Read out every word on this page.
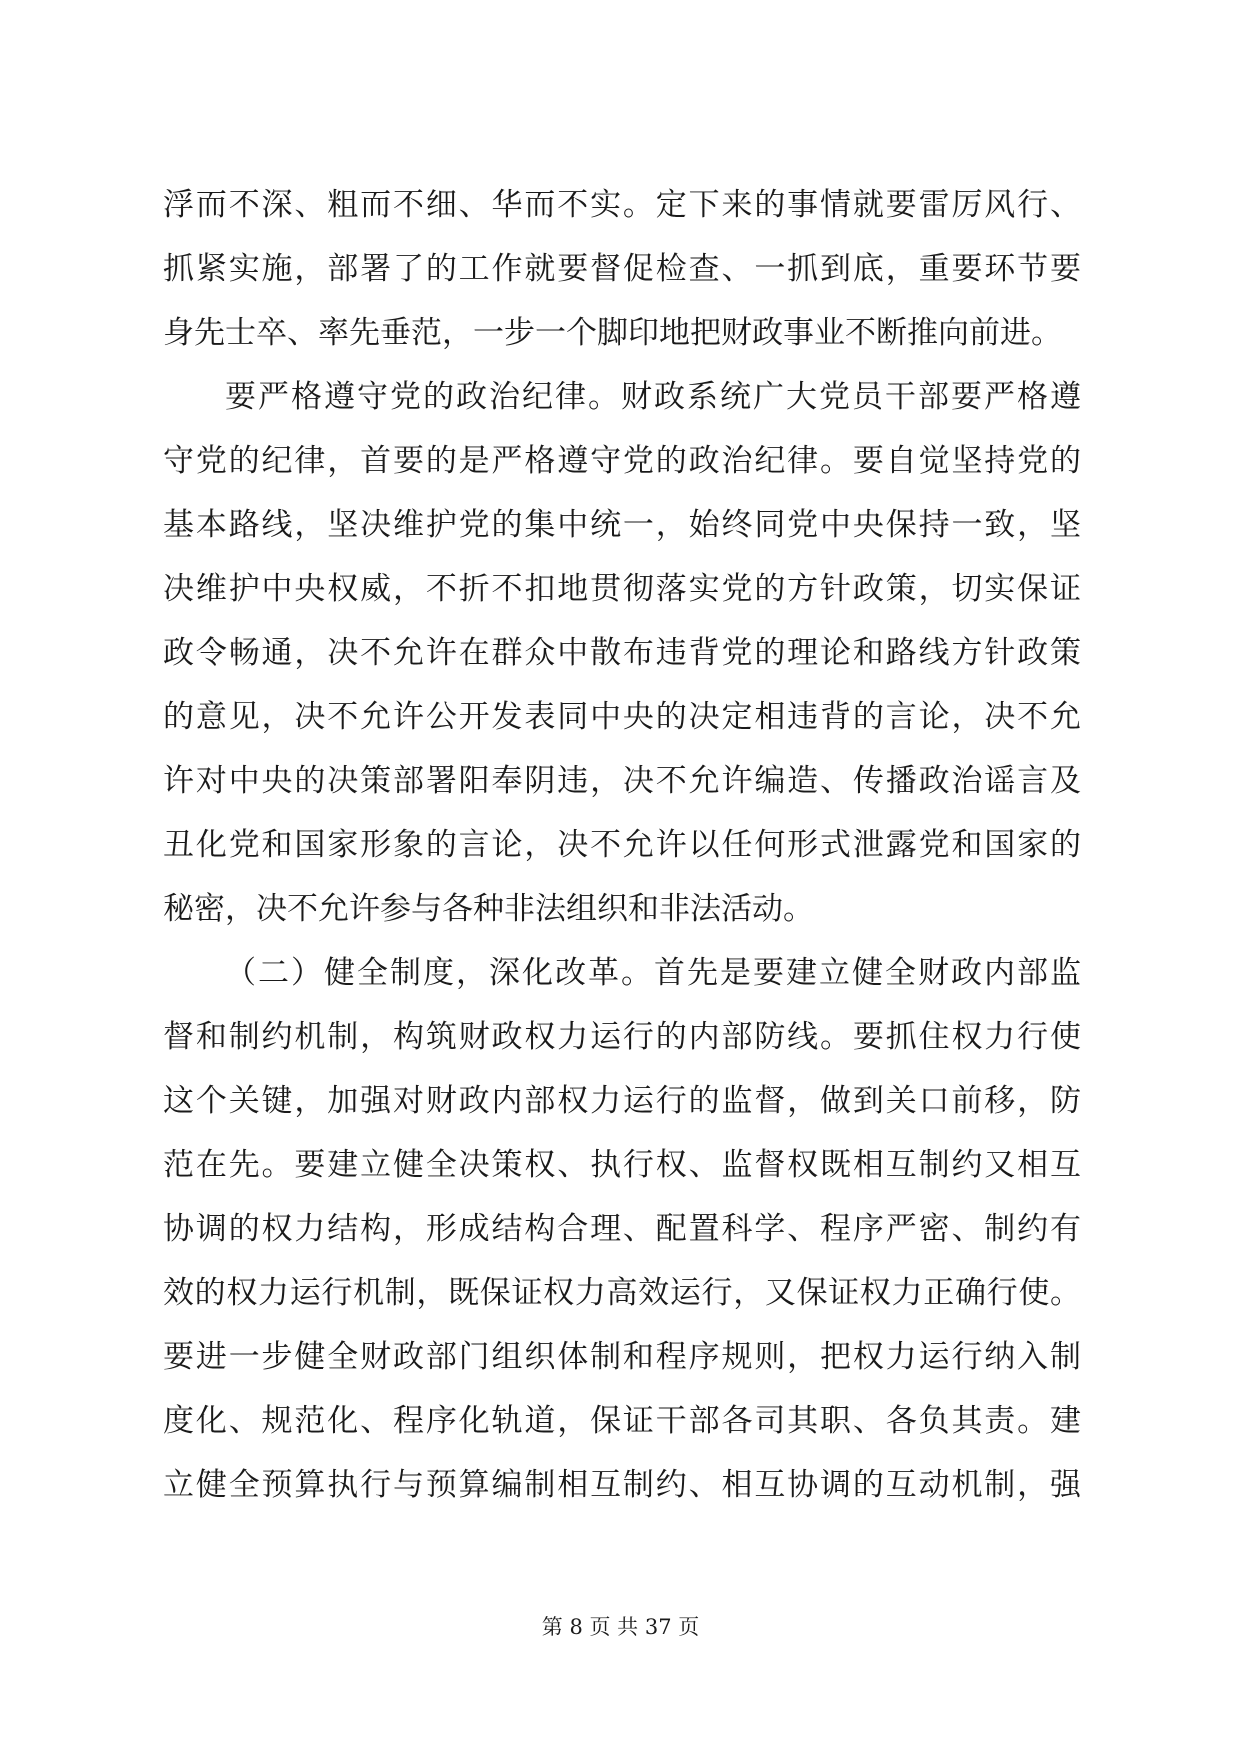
浮而不深、粗而不细、华而不实。定下来的事情就要雷厉风行、
抓紧实施，部署了的工作就要督促检查、一抓到底，重要环节要
身先士卒、率先垂范，一步一个脚印地把财政事业不断推向前进。
要严格遵守党的政治纪律。财政系统广大党员干部要严格遵
守党的纪律，首要的是严格遵守党的政治纪律。要自觉坚持党的
基本路线，坚决维护党的集中统一，始终同党中央保持一致，坚
决维护中央权威，不折不扣地贯彻落实党的方针政策，切实保证
政令畅通，决不允许在群众中散布违背党的理论和路线方针政策
的意见，决不允许公开发表同中央的决定相违背的言论，决不允
许对中央的决策部署阳奉阴违，决不允许编造、传播政治谣言及
丑化党和国家形象的言论，决不允许以任何形式泄露党和国家的
秘密，决不允许参与各种非法组织和非法活动。
（二）健全制度，深化改革。首先是要建立健全财政内部监
督和制约机制，构筑财政权力运行的内部防线。要抓住权力行使
这个关键，加强对财政内部权力运行的监督，做到关口前移，防
范在先。要建立健全决策权、执行权、监督权既相互制约又相互
协调的权力结构，形成结构合理、配置科学、程序严密、制约有
效的权力运行机制，既保证权力高效运行，又保证权力正确行使。
要进一步健全财政部门组织体制和程序规则，把权力运行纳入制
度化、规范化、程序化轨道，保证干部各司其职、各负其责。建
立健全预算执行与预算编制相互制约、相互协调的互动机制，强
第 8 页 共 37 页
